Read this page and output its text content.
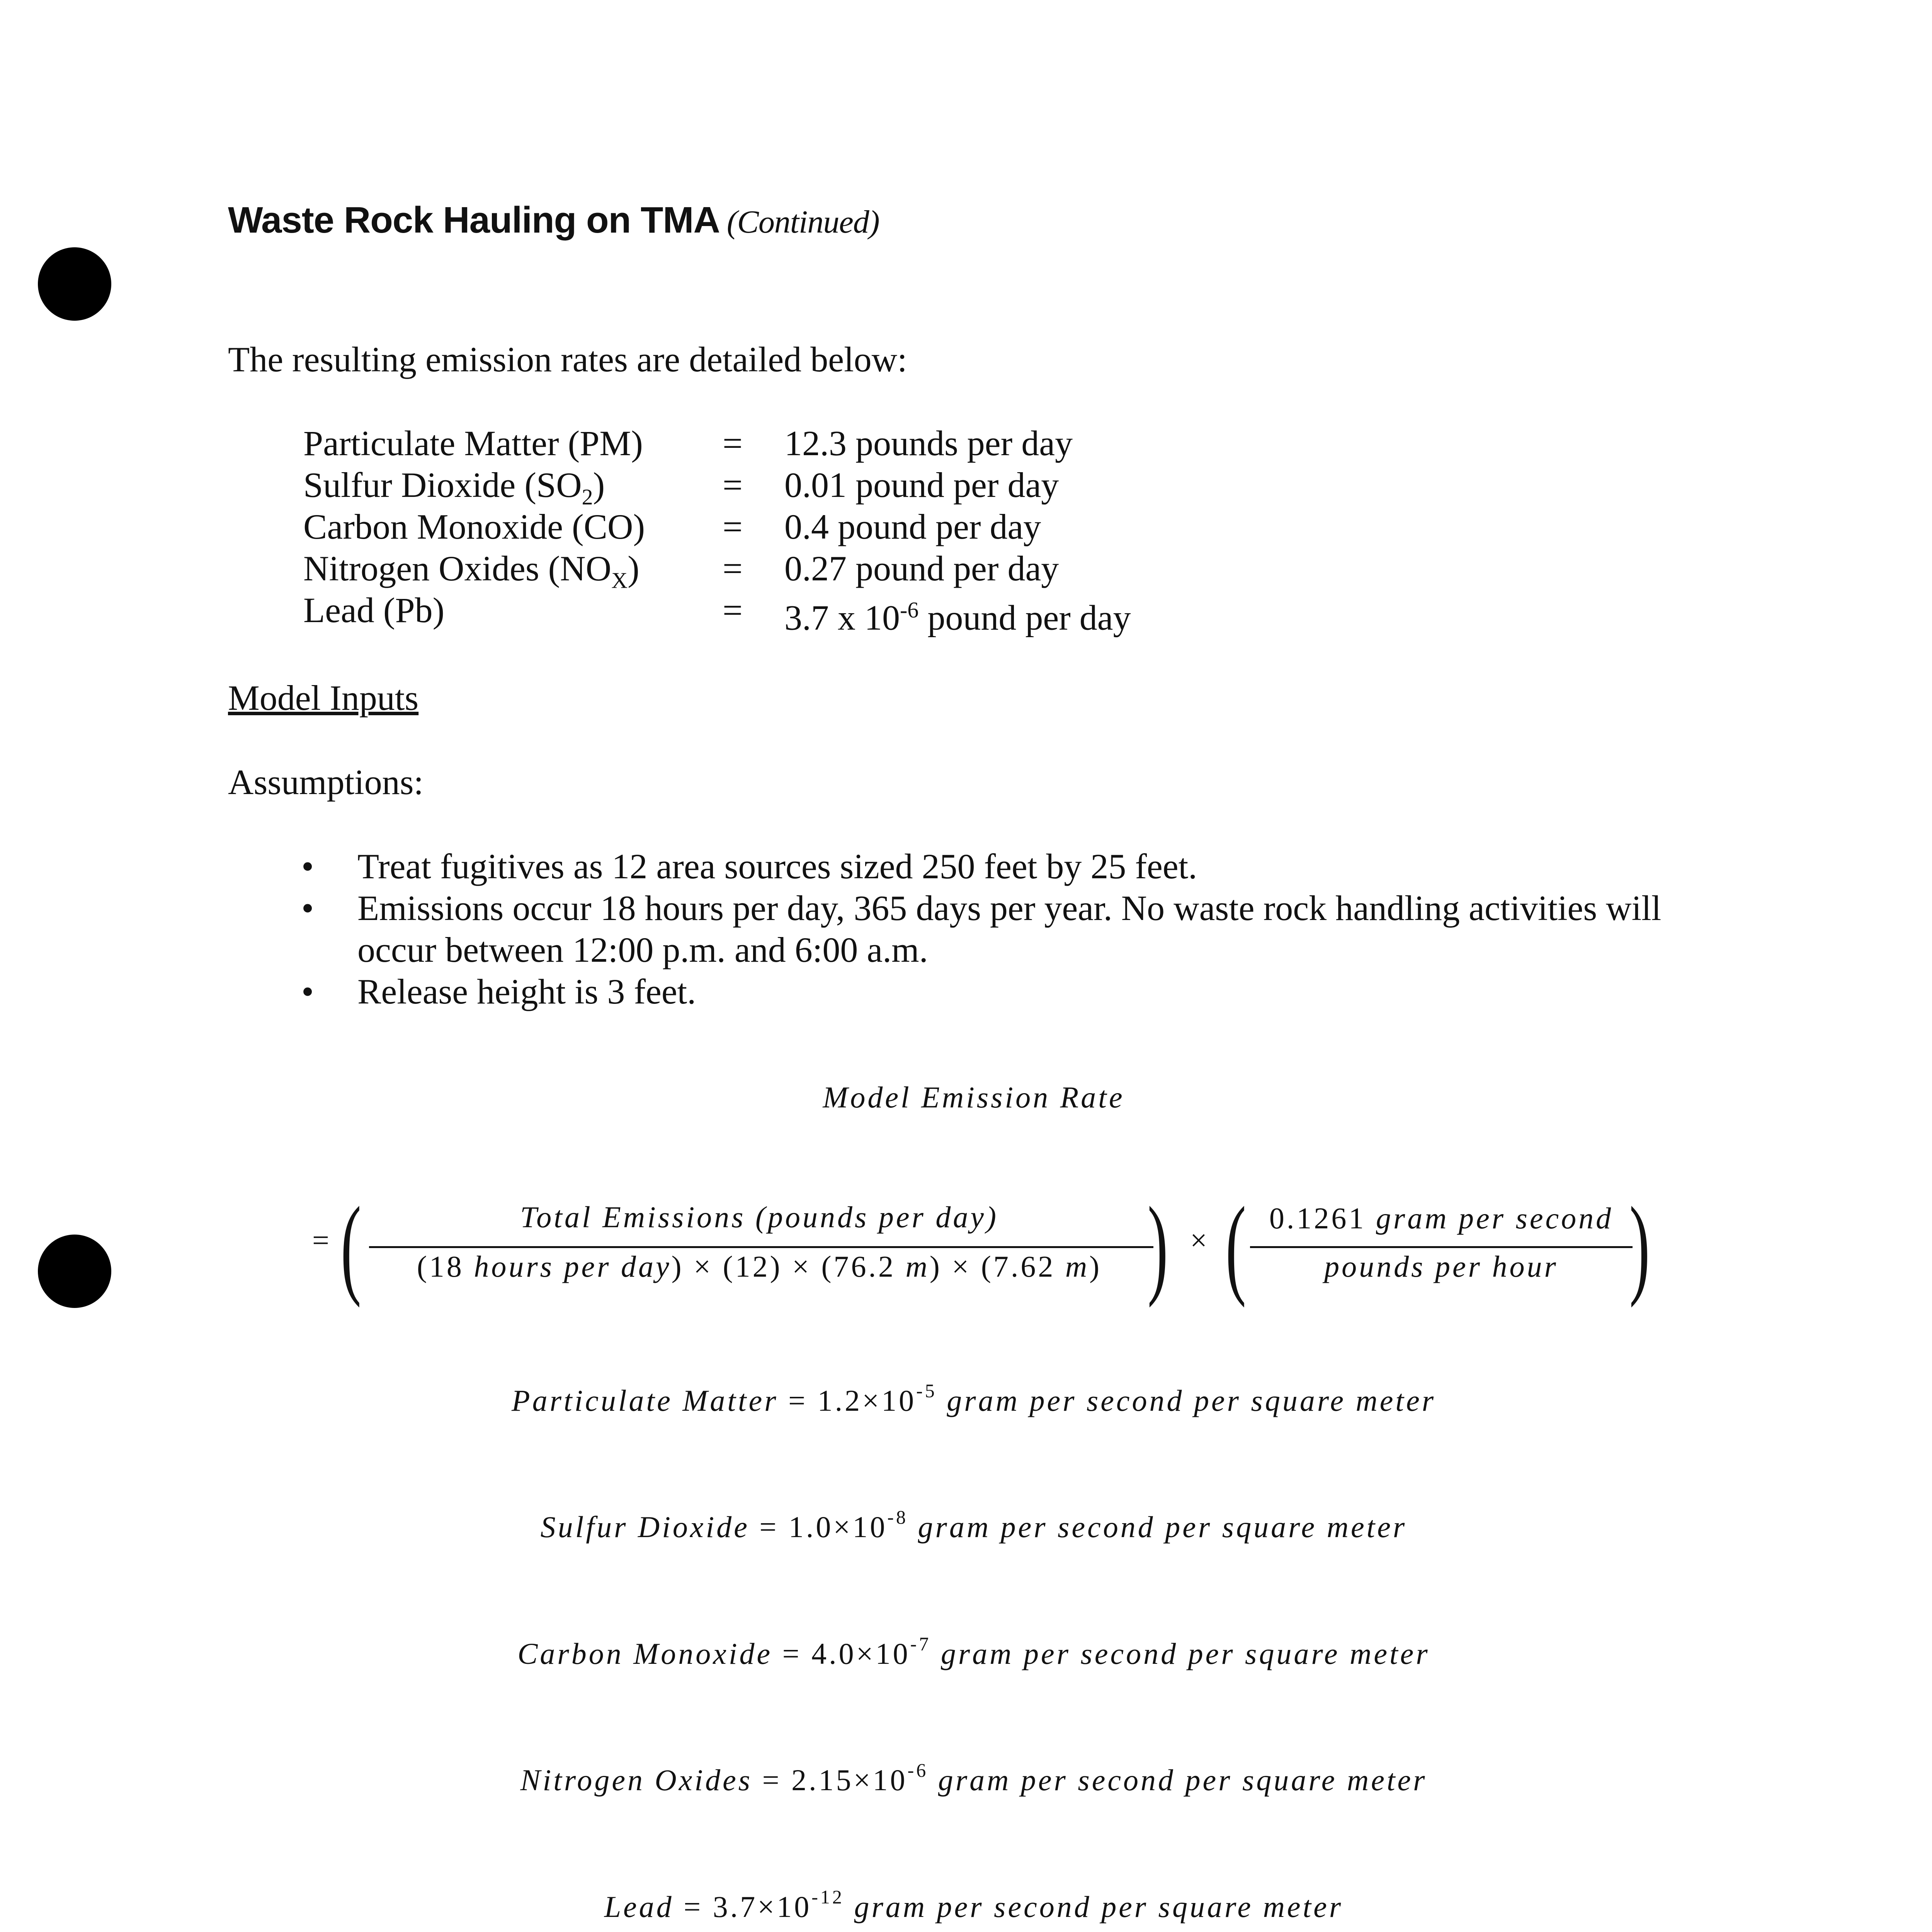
Waste Rock Hauling on TMA (Continued)
The resulting emission rates are detailed below:
Particulate Matter (PM) = 12.3 pounds per day
Sulfur Dioxide $(SO_2)$	= 0.01 pound per day
Carbon Monoxide (CO) = 0.4 pound per day
Nitrogen Oxides $(NO_X) = 0.27$ pound per day
Lead (Pb)	= 3.7 x $10^{-6}$ pound per day
Model Inputs
Assumptions:
• Treat fugitives as 12 area sources sized 250 feet by 25 feet.
• Emissions occur 18 hours per day, 365 days per year. No waste rock handling activities will occur between 12:00 p.m. and 6:00 a.m.
• Release height is 3 feet.
Model Emission Rate
= (	Total Emissions (pounds per day)
(18 hours per day) × (12) × (76.2 m) × (7.62 m) ) × ( 0.1261 gram per second
pounds per hour )
Particulate Matter = $1.2\times 10^{-5}$ gram per second per square meter
Sulfur Dioxide = $1.0\times 10^{-8}$ gram per second per square meter
Carbon Monoxide = $4.0\times 10^{-7}$ gram per second per square meter
Nitrogen Oxides = $2.15\times 10^{-6}$ gram per second per square meter
Lead = $3.7\times 10^{-12}$ gram per second per square meter
